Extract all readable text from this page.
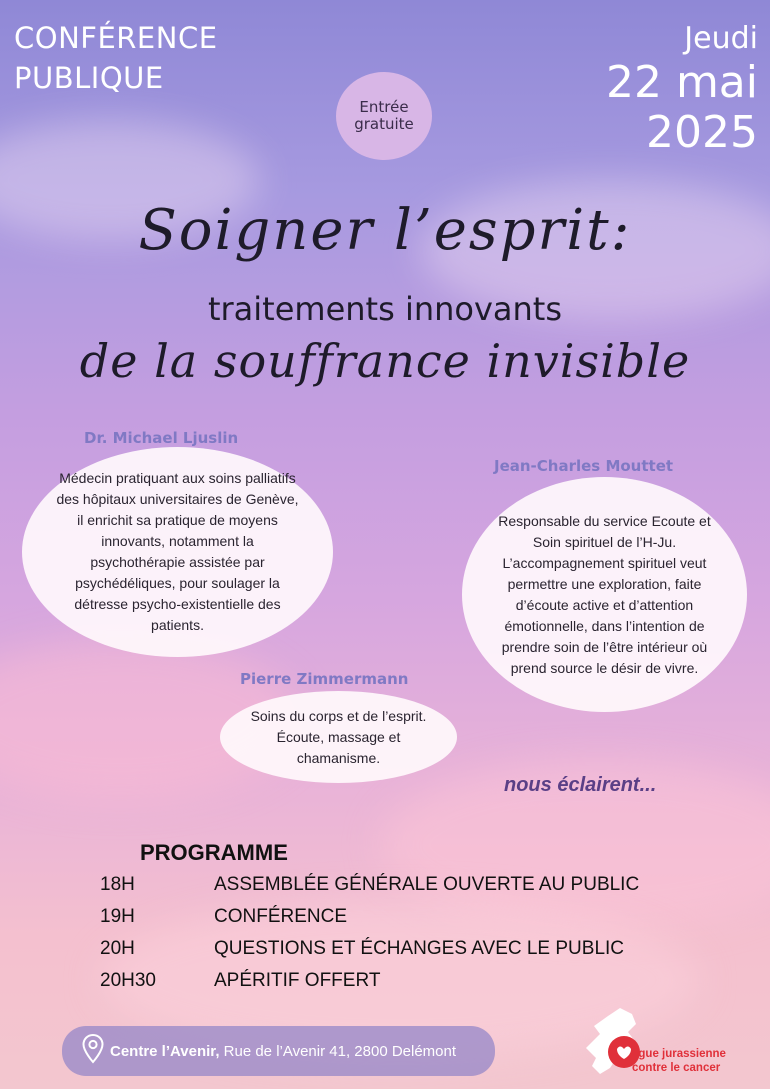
CONFÉRENCE
PUBLIQUE
Jeudi
22 mai
2025
Entrée
gratuite
Soigner l’esprit:
traitements innovants
de la souffrance invisible
Dr. Michael Ljuslin
Médecin pratiquant aux soins palliatifs des hôpitaux universitaires de Genève, il enrichit sa pratique de moyens innovants, notamment la psychothérapie assistée par psychédéliques, pour soulager la détresse psycho-existentielle des patients.
Jean-Charles Mouttet
Responsable du service Ecoute et Soin spirituel de l’H-Ju. L’accompagnement spirituel veut permettre une exploration, faite d’écoute active et d’attention émotionnelle, dans l’intention de prendre soin de l’être intérieur où prend source le désir de vivre.
Pierre Zimmermann
Soins du corps et de l’esprit. Écoute, massage et chamanisme.
nous éclairent...
PROGRAMME
18H	ASSEMBLÉE GÉNÉRALE OUVERTE AU PUBLIC
19H	CONFÉRENCE
20H	QUESTIONS ET ÉCHANGES AVEC LE PUBLIC
20H30	APÉRITIF OFFERT
Centre l’Avenir, Rue de l’Avenir 41, 2800 Delémont	ligue jurassienne
contre le cancer
